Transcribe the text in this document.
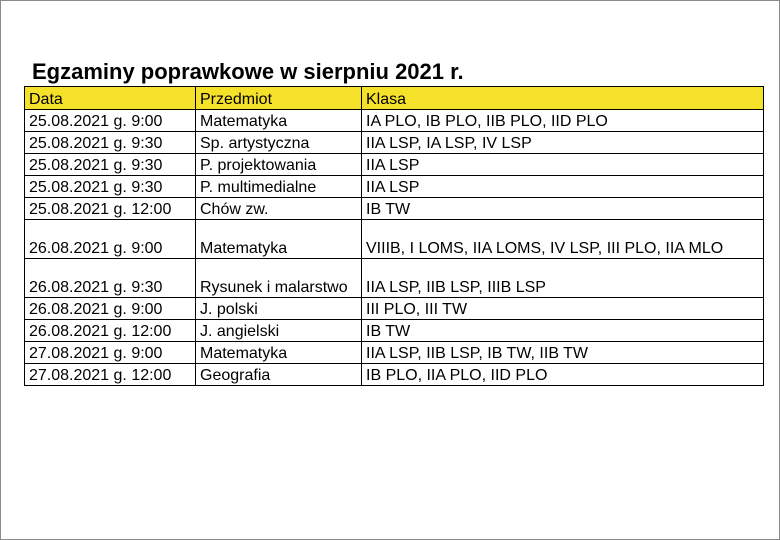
Egzaminy poprawkowe w sierpniu 2021 r.
Data	Przedmiot	Klasa
25.08.2021 g. 9:00	Matematyka	IA PLO, IB PLO, IIB PLO, IID PLO
25.08.2021 g. 9:30	Sp. artystyczna	IIA LSP, IA LSP, IV LSP
25.08.2021 g. 9:30	P. projektowania	IIA LSP
25.08.2021 g. 9:30	P. multimedialne	IIA LSP
25.08.2021 g. 12:00	Chów zw.	IB TW
26.08.2021 g. 9:00	Matematyka	VIIIB, I LOMS, IIA LOMS, IV LSP, III PLO, IIA MLO
26.08.2021 g. 9:30	Rysunek i malarstwo	IIA LSP, IIB LSP, IIIB LSP
26.08.2021 g. 9:00	J. polski	III PLO, III TW
26.08.2021 g. 12:00	J. angielski	IB TW
27.08.2021 g. 9:00	Matematyka	IIA LSP, IIB LSP, IB TW, IIB TW
27.08.2021 g. 12:00	Geografia	IB PLO, IIA PLO, IID PLO
